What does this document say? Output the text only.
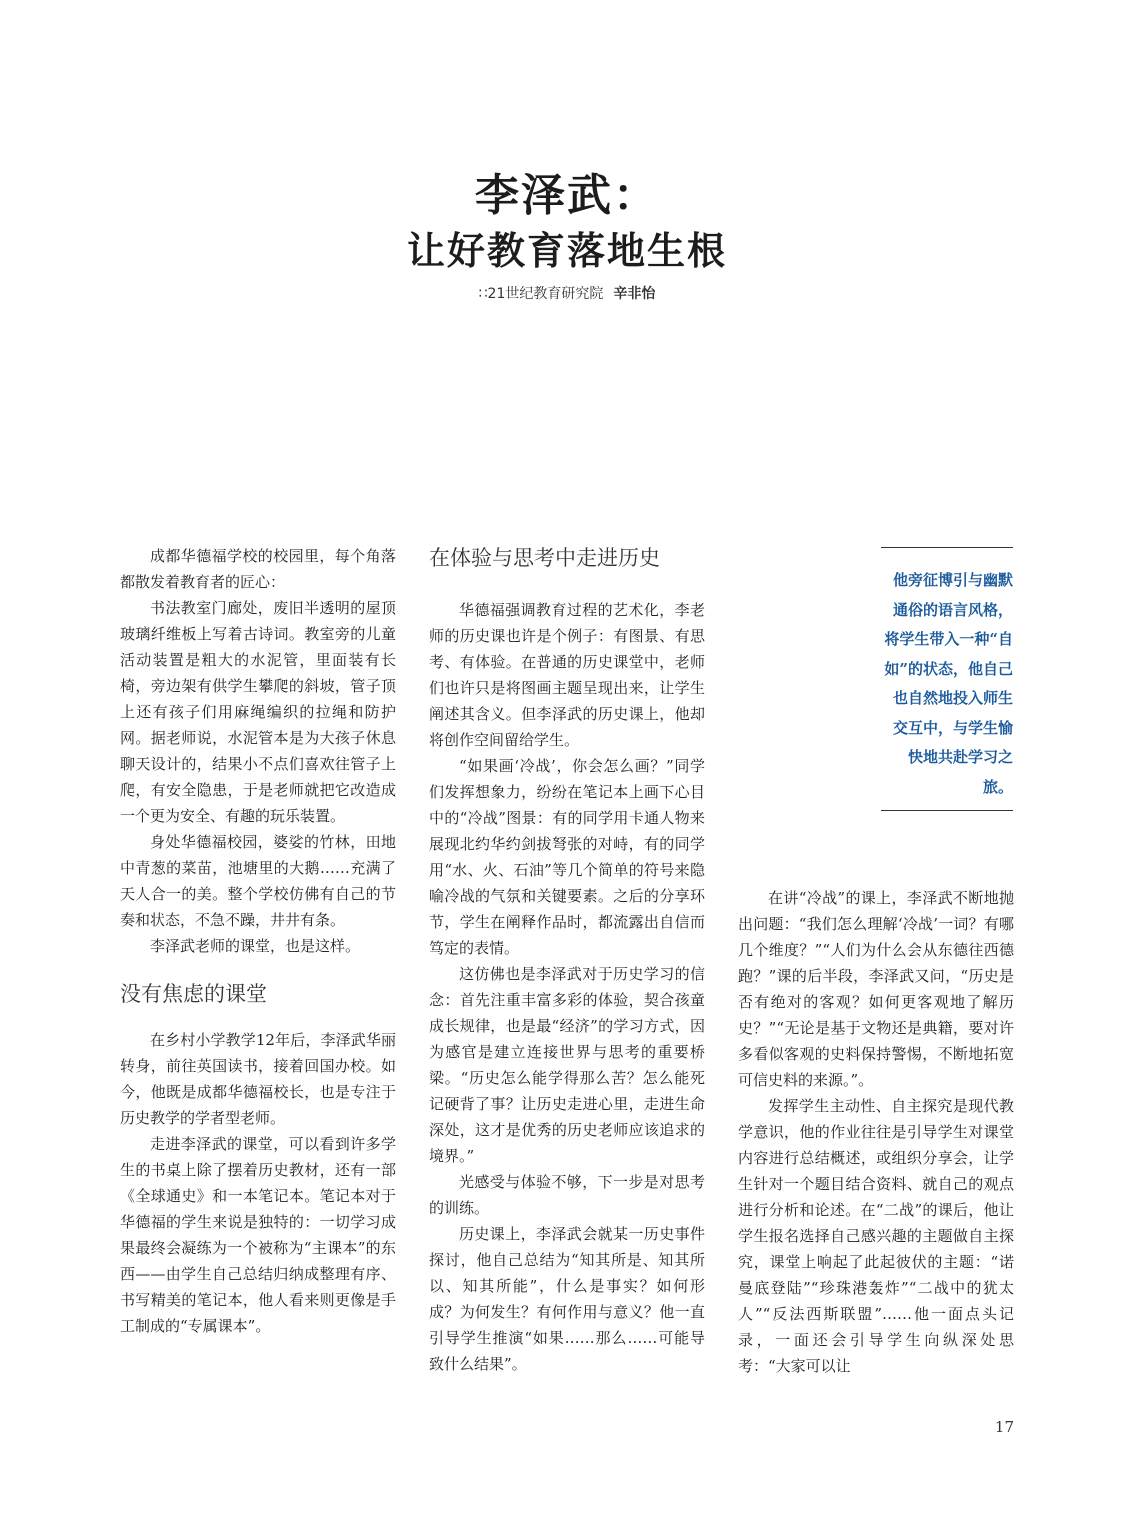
李泽武：
让好教育落地生根
∷21世纪教育研究院 辛非怡

成都华德福学校的校园里，每个角落都散发着教育者的匠心：

书法教室门廊处，废旧半透明的屋顶玻璃纤维板上写着古诗词。教室旁的儿童活动装置是粗大的水泥管，里面装有长椅，旁边架有供学生攀爬的斜坡，管子顶上还有孩子们用麻绳编织的拉绳和防护网。据老师说，水泥管本是为大孩子休息聊天设计的，结果小不点们喜欢往管子上爬，有安全隐患，于是老师就把它改造成一个更为安全、有趣的玩乐装置。

身处华德福校园，婆娑的竹林，田地中青葱的菜苗，池塘里的大鹅……充满了天人合一的美。整个学校仿佛有自己的节奏和状态，不急不躁，井井有条。

李泽武老师的课堂，也是这样。

没有焦虑的课堂

在乡村小学教学12年后，李泽武华丽转身，前往英国读书，接着回国办校。如今，他既是成都华德福校长，也是专注于历史教学的学者型老师。

走进李泽武的课堂，可以看到许多学生的书桌上除了摆着历史教材，还有一部《全球通史》和一本笔记本。笔记本对于华德福的学生来说是独特的：一切学习成果最终会凝练为一个被称为“主课本”的东西——由学生自己总结归纳成整理有序、书写精美的笔记本，他人看来则更像是手工制成的“专属课本”。

在体验与思考中走进历史

华德福强调教育过程的艺术化，李老师的历史课也许是个例子：有图景、有思考、有体验。在普通的历史课堂中，老师们也许只是将图画主题呈现出来，让学生阐述其含义。但李泽武的历史课上，他却将创作空间留给学生。

“如果画‘冷战’，你会怎么画？”同学们发挥想象力，纷纷在笔记本上画下心目中的“冷战”图景：有的同学用卡通人物来展现北约华约剑拔弩张的对峙，有的同学用“水、火、石油”等几个简单的符号来隐喻冷战的气氛和关键要素。之后的分享环节，学生在阐释作品时，都流露出自信而笃定的表情。

这仿佛也是李泽武对于历史学习的信念：首先注重丰富多彩的体验，契合孩童成长规律，也是最“经济”的学习方式，因为感官是建立连接世界与思考的重要桥梁。“历史怎么能学得那么苦？怎么能死记硬背了事？让历史走进心里，走进生命深处，这才是优秀的历史老师应该追求的境界。”

光感受与体验不够，下一步是对思考的训练。

历史课上，李泽武会就某一历史事件探讨，他自己总结为“知其所是、知其所以、知其所能”，什么是事实？如何形成？为何发生？有何作用与意义？他一直引导学生推演“如果……那么……可能导致什么结果”。

他旁征博引与幽默通俗的语言风格，将学生带入一种“自如”的状态，他自己也自然地投入师生交互中，与学生愉快地共赴学习之旅。

在讲“冷战”的课上，李泽武不断地抛出问题：“我们怎么理解‘冷战’一词？有哪几个维度？”“人们为什么会从东德往西德跑？”课的后半段，李泽武又问，“历史是否有绝对的客观？如何更客观地了解历史？”“无论是基于文物还是典籍，要对许多看似客观的史料保持警惕，不断地拓宽可信史料的来源。”。

发挥学生主动性、自主探究是现代教学意识，他的作业往往是引导学生对课堂内容进行总结概述，或组织分享会，让学生针对一个题目结合资料、就自己的观点进行分析和论述。在“二战”的课后，他让学生报名选择自己感兴趣的主题做自主探究，课堂上响起了此起彼伏的主题：“诺曼底登陆”“珍珠港轰炸”“二战中的犹太人”“反法西斯联盟”……他一面点头记录，一面还会引导学生向纵深处思考：“大家可以让

17
